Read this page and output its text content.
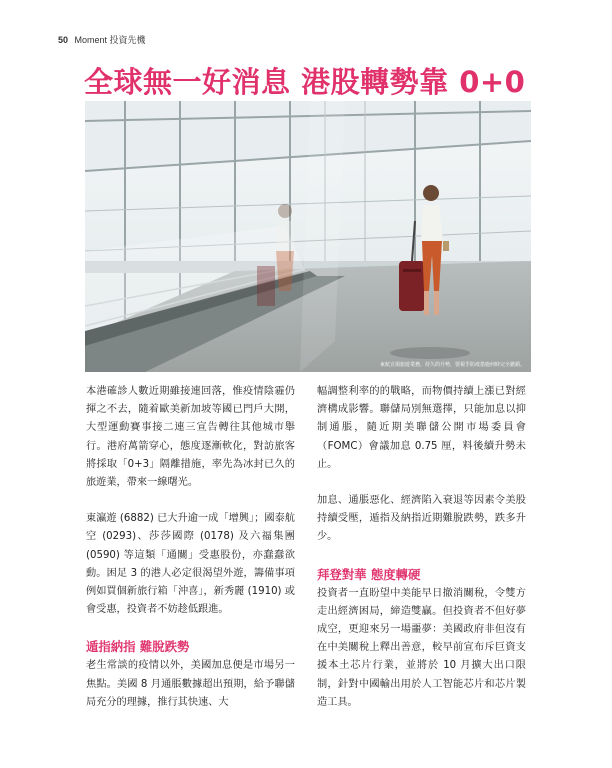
50 Moment 投資先機
全球無一好消息 港股轉勢靠 0+0
東航宣揚旅遊業務，持久的升勢，要視乎防疫措施何時完全撤銷。

本港確診人數近期雖接連回落，惟疫情陰霾仍揮之不去，隨着歐美新加坡等國已門戶大開，大型運動賽事接二連三宣告轉往其他城市舉行。港府萬箭穿心，態度逐漸軟化，對訪旅客將採取「0+3」隔離措施，率先為冰封已久的旅遊業，帶來一線曙光。

東瀛遊 (6882) 已大升逾一成「增興」；國泰航空 (0293)、莎莎國際 (0178) 及六福集團 (0590) 等這類「通關」受惠股份，亦蠢蠢欲動。困足 3 的港人必定很渴望外遊，籌備事項例如買個新旅行箱「沖喜」，新秀麗 (1910) 或會受惠，投資者不妨趁低跟進。

遁指納指 難脫跌勢

老生常談的疫情以外，美國加息便是市場另一焦點。美國 8 月通脹數據超出預期，給予聯儲局充分的理據，推行其快速、大

幅調整利率的的戰略，而物價持續上漲已對經濟構成影響。聯儲局別無選擇，只能加息以抑制通脹，隨近期美聯儲公開市場委員會（FOMC）會議加息 0.75 厘，料後續升勢未止。

加息、通脹惡化、經濟陷入衰退等因素令美股持續受壓，遁指及納指近期難脫跌勢，跌多升少。

拜登對華 態度轉硬

投資者一直盼望中美能早日撤消關稅，令雙方走出經濟困局，締造雙贏。但投資者不但好夢成空，更迎來另一場噩夢：美國政府非但沒有在中美關稅上釋出善意，較早前宣布斥巨資支援本土芯片行業，並將於 10 月擴大出口限制，針對中國輸出用於人工智能芯片和芯片製造工具。
